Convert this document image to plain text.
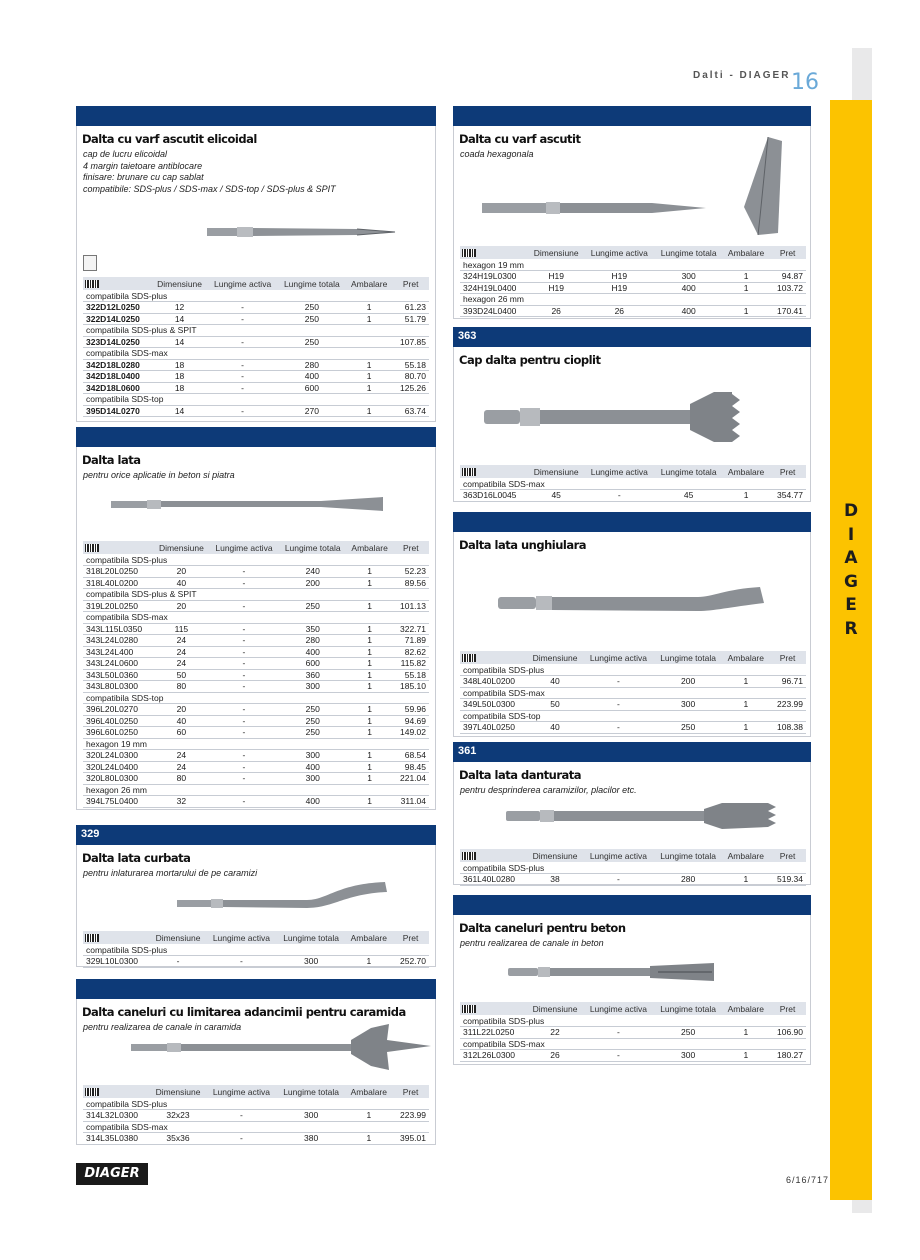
D
I
A
G
E
R
Dalti - DIAGER 16
DIAGER	6/16/717
Dalta cu varf ascutit elicoidal
cap de lucru elicoidal
4 margin taietoare antiblocare
finisare: brunare cu cap sablat
compatibile: SDS-plus / SDS-max / SDS-top / SDS-plus & SPIT
	Dimensiune	Lungime activa	Lungime totala	Ambalare	Pret
compatibila SDS-plus					
322D12L0250	12	-	250	1	61.23
322D14L0250	14	-	250	1	51.79
compatibila SDS-plus & SPIT					
323D14L0250	14	-	250		107.85
compatibila SDS-max					
342D18L0280	18	-	280	1	55.18
342D18L0400	18	-	400	1	80.70
342D18L0600	18	-	600	1	125.26
compatibila SDS-top					
395D14L0270	14	-	270	1	63.74
Dalta lata
pentru orice aplicatie in beton si piatra
	Dimensiune	Lungime activa	Lungime totala	Ambalare	Pret
compatibila SDS-plus					
318L20L0250	20	-	240	1	52.23
318L40L0200	40	-	200	1	89.56
compatibila SDS-plus & SPIT					
319L20L0250	20	-	250	1	101.13
compatibila SDS-max					
343L115L0350	115	-	350	1	322.71
343L24L0280	24	-	280	1	71.89
343L24L400	24	-	400	1	82.62
343L24L0600	24	-	600	1	115.82
343L50L0360	50	-	360	1	55.18
343L80L0300	80	-	300	1	185.10
compatibila SDS-top					
396L20L0270	20	-	250	1	59.96
396L40L0250	40	-	250	1	94.69
396L60L0250	60	-	250	1	149.02
hexagon 19 mm					
320L24L0300	24	-	300	1	68.54
320L24L0400	24	-	400	1	98.45
320L80L0300	80	-	300	1	221.04
hexagon 26 mm					
394L75L0400	32	-	400	1	311.04
329
Dalta lata curbata
pentru inlaturarea mortarului de pe caramizi
	Dimensiune	Lungime activa	Lungime totala	Ambalare	Pret
compatibila SDS-plus					
329L10L0300	-	-	300	1	252.70
Dalta caneluri cu limitarea adancimii pentru caramida
pentru realizarea de canale in caramida
	Dimensiune	Lungime activa	Lungime totala	Ambalare	Pret
compatibila SDS-plus					
314L32L0300	32x23	-	300	1	223.99
compatibila SDS-max					
314L35L0380	35x36	-	380	1	395.01
Dalta cu varf ascutit
coada hexagonala
	Dimensiune	Lungime activa	Lungime totala	Ambalare	Pret
hexagon 19 mm					
324H19L0300	H19	H19	300	1	94.87
324H19L0400	H19	H19	400	1	103.72
hexagon 26 mm					
393D24L0400	26	26	400	1	170.41
363
Cap dalta pentru cioplit
	Dimensiune	Lungime activa	Lungime totala	Ambalare	Pret
compatibila SDS-max					
363D16L0045	45	-	45	1	354.77
Dalta lata unghiulara
	Dimensiune	Lungime activa	Lungime totala	Ambalare	Pret
compatibila SDS-plus					
348L40L0200	40	-	200	1	96.71
compatibila SDS-max					
349L50L0300	50	-	300	1	223.99
compatibila SDS-top					
397L40L0250	40	-	250	1	108.38
361
Dalta lata danturata
pentru desprinderea caramizilor, placilor etc.
	Dimensiune	Lungime activa	Lungime totala	Ambalare	Pret
compatibila SDS-plus					
361L40L0280	38	-	280	1	519.34
Dalta caneluri pentru beton
pentru realizarea de canale in beton
	Dimensiune	Lungime activa	Lungime totala	Ambalare	Pret
compatibila SDS-plus					
311L22L0250	22	-	250	1	106.90
compatibila SDS-max					
312L26L0300	26	-	300	1	180.27
